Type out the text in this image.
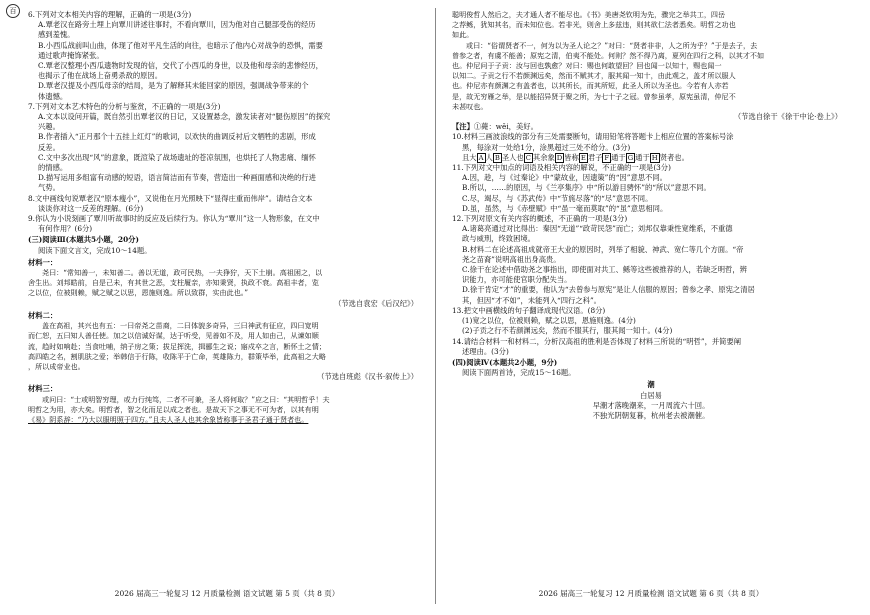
百	6.下列对文本相关内容的理解，正确的一项是(3分)

A.覃老汉在路旁土埋上向覃川讲述往事时，不看向覃川，因为他对自己腿部受伤的经历

感到羞愧。

B.小西瓜战前叫山曲，体现了他对平凡生活的向往，也暗示了他内心对战争的恐惧，需要

通过歌声掩饰紧张。

C.覃老汉整理小西瓜遗物时发现的信，交代了小西瓜的身世，以及他和母亲的悲惨经历，

也揭示了他在战场上奋勇杀敌的原因。

D.覃老汉提及小西瓜母亲的结局，是为了解释其未能回家的原因，强调战争带来的个

体遗憾。

7.下列对文本艺术特色的分析与鉴赏，不正确的一项是(3分)

A.文本以设问开篇，既自然引出覃老汉的日记，又设置悬念，激发读者对“腿伤原因”的探究

兴趣。

B.作者插入“正月那个十五挂上红灯”的歌词，以欢快的曲调反衬后文牺牲的悲剧，形成

反差。

C.文中多次出现“风”的意象，既渲染了战场遗址的苍凉氛围，也烘托了人物悲痛、缅怀

的情感。

D.描写运用多组富有动感的短语，语言简洁而有节奏，营造出一种画面感和决绝的行进

气势。

8.文中画线句说覃老汉“原本瘦小”，又说他在月光照映下“显得庄重而伟岸”。请结合文本

谈谈你对这一反差的理解。(6分)

9.你认为小说刻画了覃川听故事时的反应及后续行为。你认为“覃川”这一人物形象，在文中

有何作用？(6分)

(三)阅读Ⅲ(本题共5小题，20分)

阅读下面文言文，完成10～14题。

材料一：

尧曰：“常知善一，未知善二。善以无道，政可民热，一夫狰狞，天下土崩。高祖困之，以

舍生出。刘邦皓前，自是己未，有其世之恶，支柱履亲，亦知秉贤，执政不衰。高祖丰者，览

之以位，位被則赖，赋之赋之以思，恩施则逸。所以致群，实由此也。”

（节选自袁宏《后汉纪》）

材料二：

盖在高祖，其兴也有五：一曰帝尧之苗裔，二曰体貌多奇异，三曰神武有征应，四曰宽明

而仁恕，五曰知人善任使。加之以信诚好谋，达于听受，见善如不及，用人如由己，从谏如顺

流，趋时如响赴；当食吐哺，纳子房之策；拔足挥洗，揖郦生之说；寤戍卒之言，断怀土之情；

高四皓之名，割肌肤之爱；举韩信于行陈，收陈平于亡命，英雄陈力，群策毕举，此高祖之大略

，所以成帝业也。

（节选自班彪《汉书·叙传上》）

材料三：

或问曰：“士或明智穷理，或力行纯笃，二者不可兼，圣人将何取？”应之曰：“其明哲乎！夫

明哲之为用，亦大矣。明哲者，智之化而足以成之者也。是故天下之事无不可为者，以其有明

《易》阴系辞：“乃大以服明照于四方。”且夫人圣人也其余象皆称事于圣君子通于贤者也。

2026 届高三一轮复习 12 月质量检测 语文试题 第 5 页（共 8 页）

聪明俊哲人然后之，夫才通人者不能尽也。《书》美唐尧钦明为先，骤完之举共工，四岳

之荐鲧，犹知其名，而未知位也。若非光，则舍上多兹违，则其欲仁法者悉矣。明哲之功也

如此。

或曰：“俗谓贤者不一，何为以为圣人论之？”对曰：“贤者非非，人之所为乎？”于是去子，去

曾参之者，有虞不能善；原宪之清，伯夷不能处。何则？然不得乃离，夏列在四行之科，以其才不如

也。仲尼问于子贡：汝与回也孰愈？对曰：赐也何敢望回？回也闻一以知十，赐也闻一

以知二。子贡之行不若颜渊远矣，然而不赋其才，服其闻一知十，由此观之，盖才所以服人

也。仲尼亦有颜渊之有盖者也，以其所长，而其所短，此圣人所以为圣也。今若有人亦若

是，故无穷雁之举，是以能招异贤于聚之所，为七十子之冠。曾参虽孝，原宪虽清，仲尼不

未甚叹也。

（节选自徐干《徐干中论·卷上》）

【注】①薨：wěi，美好。

10.材料三画波浪线的部分有三处需要断句，请用铅笔将答题卡上相应位置的答案标号涂

黑，每涂对一处给1分，涂黑超过三处不给分。(3分)

且大 A 人 B 圣人也 C 其余象 D 皆称 E 君子 F 通于 G 通于 H 贤者也。

11.下列对文中加点的词语及相关内容的解说，不正确的一项是(3分)

A.因，趁，与《过秦论》中“蒙故业，因遗策”的“因”意思不同。

B.所以，……的原因，与《兰亭集序》中“所以游目骋怀”的“所以”意思不同。

C.尽，竭尽，与《苏武传》中“节旄尽落”的“尽”意思不同。

D.虽，虽然，与《赤壁赋》中“虽一毫而莫取”的“虽”意思相同。

12.下列对原文有关内容的概述，不正确的一项是(3分)

A.诸葛亮通过对比得出：秦因“无道”“政苛民怨”而亡；刘邦仅靠秉性宽维系，不重德

政与威刑，终致困境。

B.材料二在论述高祖成就帝王大业的原因时，列举了相貌、神武、宽仁等几个方面。“帝

尧之苗裔”说明高祖出身高贵。

C.徐干在论述中借助尧之事指出，即使面对共工、鲧等这些被推荐的人，若缺乏明哲，辨

识能力，亦可能使官职分配失当。

D.徐干肯定“才”的重要，他认为“去曾参与原宪”是让人信服的原因；曾参之孝、原宪之清居

其，但因“才不如”，未能列入“四行之科”。

13.把文中画横线的句子翻译成现代汉语。(8分)

(1)宽之以位，位被则赖，赋之以思，恩施则逸。(4分)

(2)子贡之行不若颜渊远矣，然而不服其行，服其闻一知十。(4分)

14.请结合材料一和材料二，分析汉高祖的胜利是否体现了材料三所说的“明哲”，并简要阐

述理由。(3分)

(四)阅读Ⅳ(本题共2小题，9分)

阅读下面两首诗，完成15～16题。

潮

白居易

早潮才落晚潮来，一月周流六十回。

不独光阴朝复暮，杭州老去被潮催。

2026 届高三一轮复习 12 月质量检测 语文试题 第 6 页（共 8 页）
